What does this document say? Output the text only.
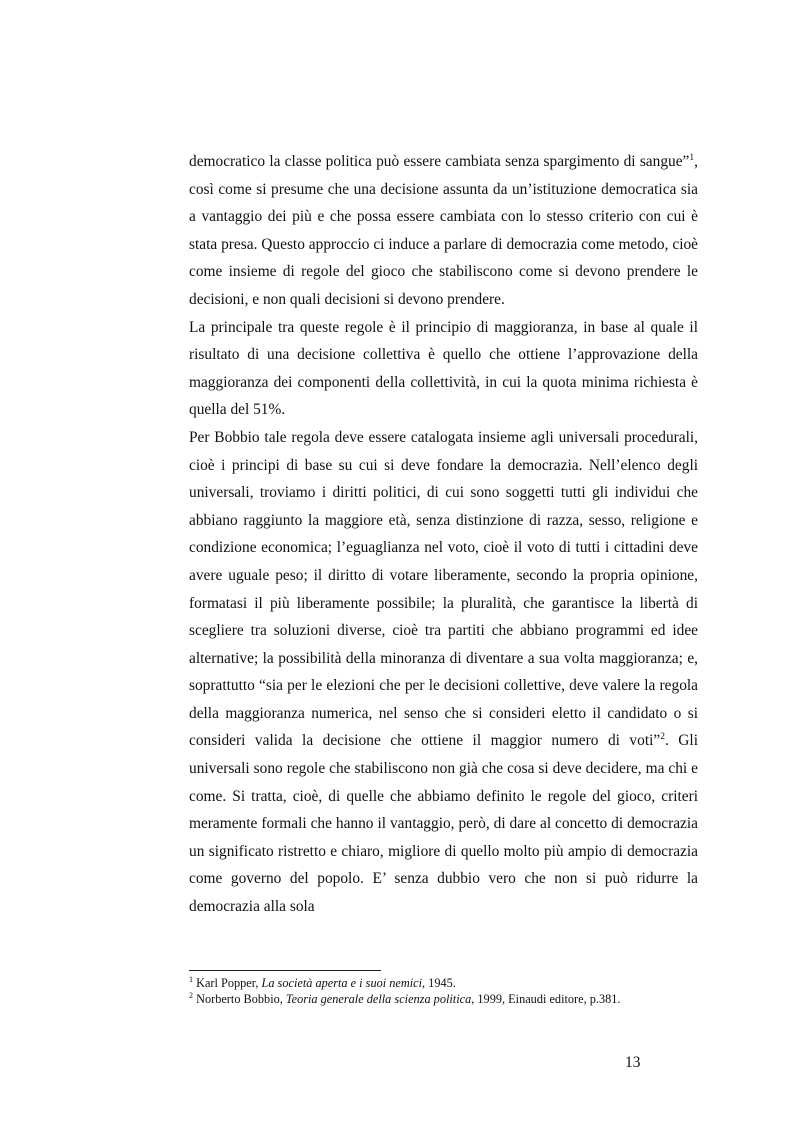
democratico la classe politica può essere cambiata senza spargimento di sangue”$^1$, così come si presume che una decisione assunta da un’istituzione democratica sia a vantaggio dei più e che possa essere cambiata con lo stesso criterio con cui è stata presa. Questo approccio ci induce a parlare di democrazia come metodo, cioè come insieme di regole del gioco che stabiliscono come si devono prendere le decisioni, e non quali decisioni si devono prendere.

La principale tra queste regole è il principio di maggioranza, in base al quale il risultato di una decisione collettiva è quello che ottiene l’approvazione della maggioranza dei componenti della collettività, in cui la quota minima richiesta è quella del 51%.

Per Bobbio tale regola deve essere catalogata insieme agli universali procedurali, cioè i principi di base su cui si deve fondare la democrazia. Nell’elenco degli universali, troviamo i diritti politici, di cui sono soggetti tutti gli individui che abbiano raggiunto la maggiore età, senza distinzione di razza, sesso, religione e condizione economica; l’eguaglianza nel voto, cioè il voto di tutti i cittadini deve avere uguale peso; il diritto di votare liberamente, secondo la propria opinione, formatasi il più liberamente possibile; la pluralità, che garantisce la libertà di scegliere tra soluzioni diverse, cioè tra partiti che abbiano programmi ed idee alternative; la possibilità della minoranza di diventare a sua volta maggioranza; e, soprattutto “sia per le elezioni che per le decisioni collettive, deve valere la regola della maggioranza numerica, nel senso che si consideri eletto il candidato o si consideri valida la decisione che ottiene il maggior numero di voti”$^2$. Gli universali sono regole che stabiliscono non già che cosa si deve decidere, ma chi e come. Si tratta, cioè, di quelle che abbiamo definito le regole del gioco, criteri meramente formali che hanno il vantaggio, però, di dare al concetto di democrazia un significato ristretto e chiaro, migliore di quello molto più ampio di democrazia come governo del popolo. E’ senza dubbio vero che non si può ridurre la democrazia alla sola

$^1$ Karl Popper, La società aperta e i suoi nemici, 1945.
$^2$ Norberto Bobbio, Teoria generale della scienza politica, 1999, Einaudi editore, p.381.
13
